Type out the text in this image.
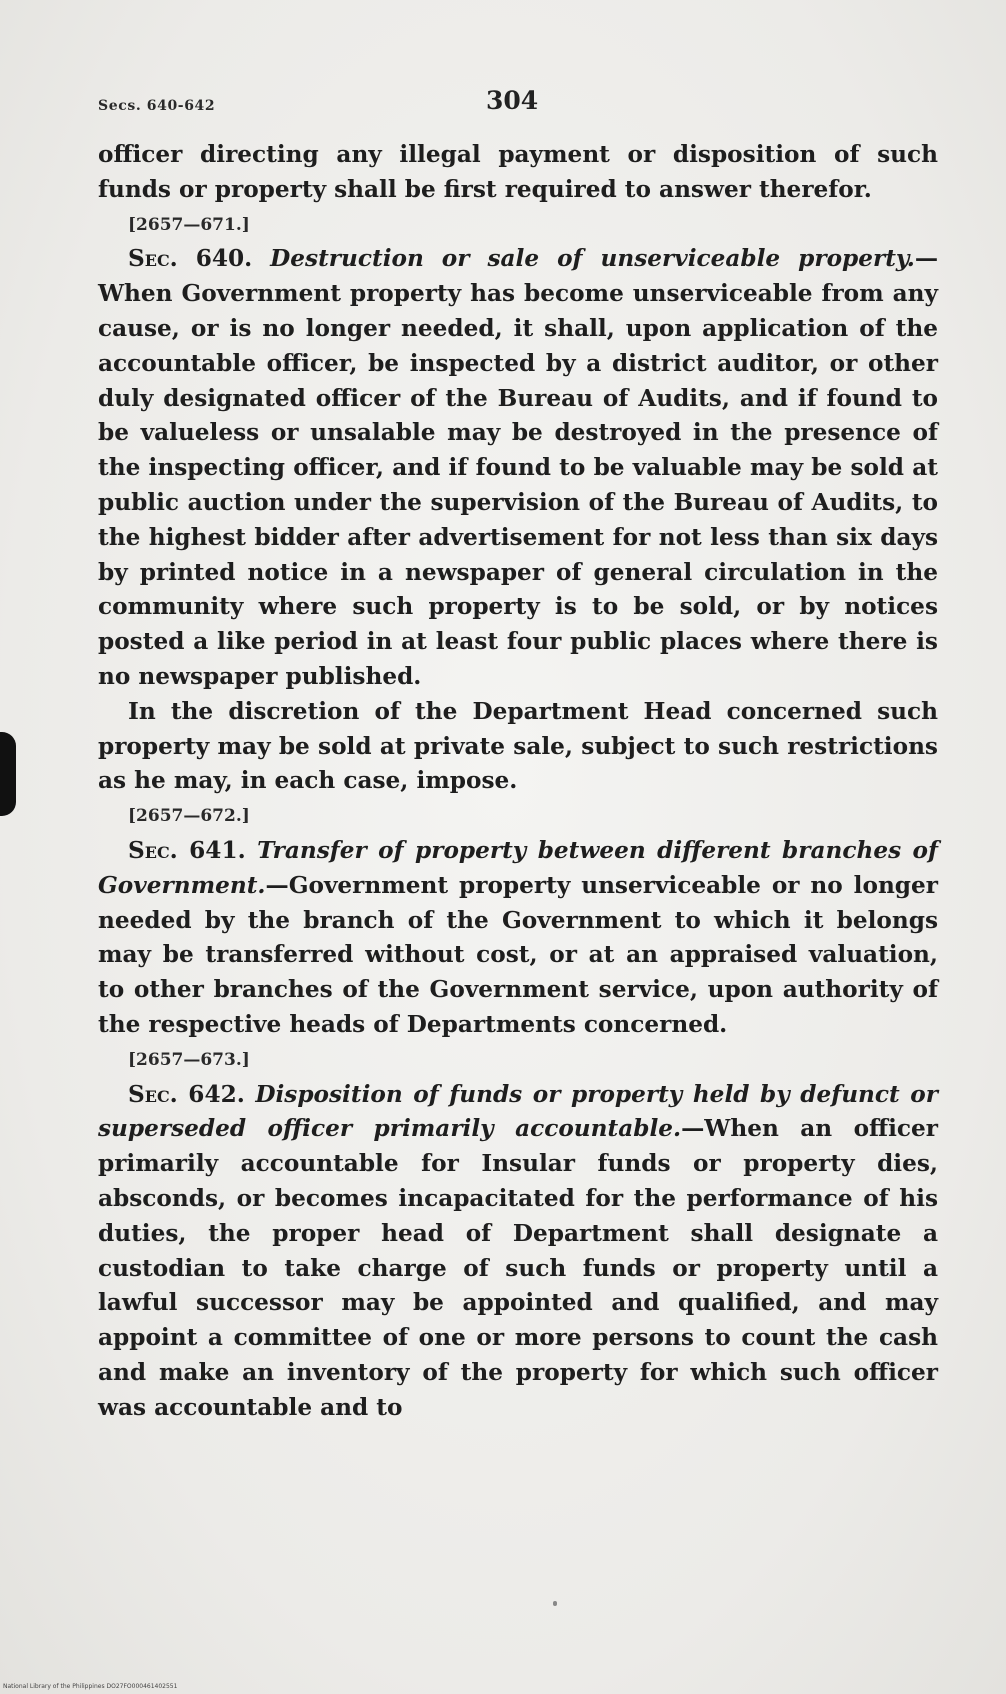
Secs. 640-642	304

officer directing any illegal payment or disposition of such funds or property shall be first required to answer therefor.

[2657—671.]

Sec. 640. Destruction or sale of unserviceable property.—When Government property has become unserviceable from any cause, or is no longer needed, it shall, upon application of the accountable officer, be inspected by a district auditor, or other duly designated officer of the Bureau of Audits, and if found to be valueless or unsalable may be destroyed in the presence of the inspecting officer, and if found to be valuable may be sold at public auction under the supervision of the Bureau of Audits, to the highest bidder after advertisement for not less than six days by printed notice in a newspaper of general circulation in the community where such property is to be sold, or by notices posted a like period in at least four public places where there is no newspaper published.

In the discretion of the Department Head concerned such property may be sold at private sale, subject to such restrictions as he may, in each case, impose.

[2657—672.]

Sec. 641. Transfer of property between different branches of Government.—Government property unserviceable or no longer needed by the branch of the Government to which it belongs may be transferred without cost, or at an appraised valuation, to other branches of the Government service, upon authority of the respective heads of Departments concerned.

[2657—673.]

Sec. 642. Disposition of funds or property held by defunct or superseded officer primarily accountable.—When an officer primarily accountable for Insular funds or property dies, absconds, or becomes incapacitated for the performance of his duties, the proper head of Department shall designate a custodian to take charge of such funds or property until a lawful successor may be appointed and qualified, and may appoint a committee of one or more persons to count the cash and make an inventory of the property for which such officer was accountable and to

National Library of the Philippines DO27FO000461402551
